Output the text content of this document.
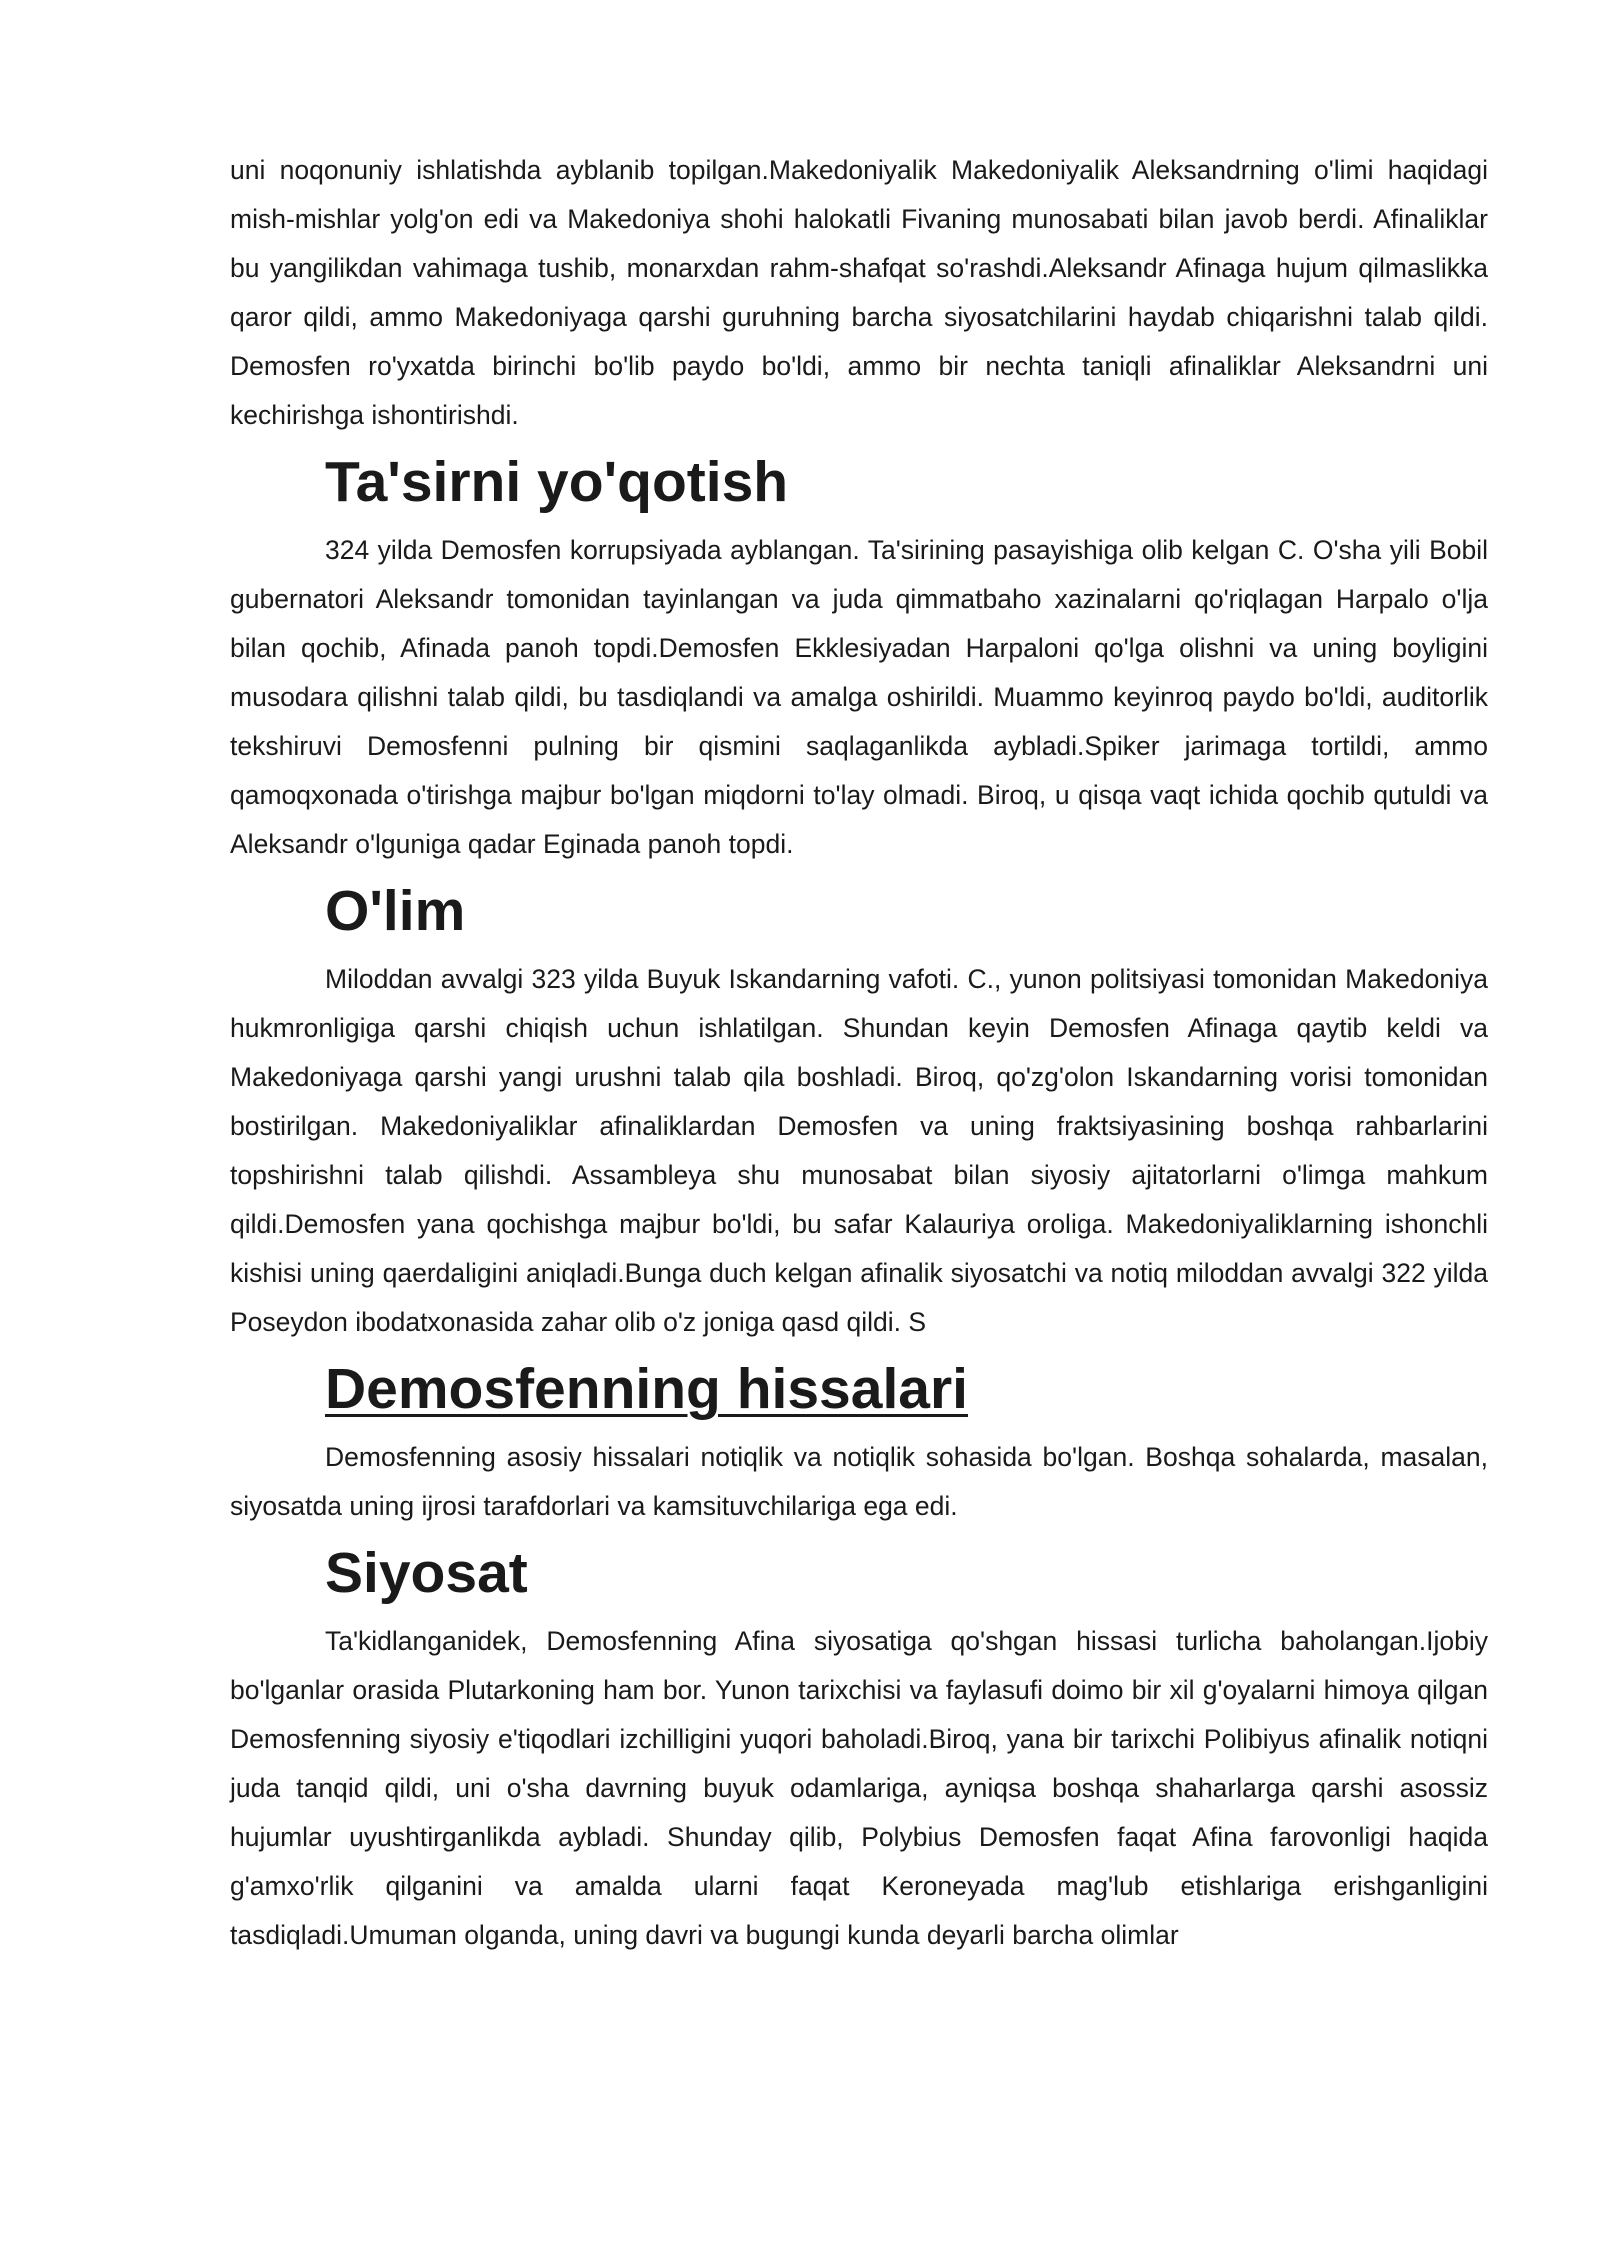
uni noqonuniy ishlatishda ayblanib topilgan.Makedoniyalik Makedoniyalik Aleksandrning o'limi haqidagi mish-mishlar yolg'on edi va Makedoniya shohi halokatli Fivaning munosabati bilan javob berdi. Afinaliklar bu yangilikdan vahimaga tushib, monarxdan rahm-shafqat so'rashdi.Aleksandr Afinaga hujum qilmaslikka qaror qildi, ammo Makedoniyaga qarshi guruhning barcha siyosatchilarini haydab chiqarishni talab qildi. Demosfen ro'yxatda birinchi bo'lib paydo bo'ldi, ammo bir nechta taniqli afinaliklar Aleksandrni uni kechirishga ishontirishdi.

Ta'sirni yo'qotish

324 yilda Demosfen korrupsiyada ayblangan. Ta'sirining pasayishiga olib kelgan C. O'sha yili Bobil gubernatori Aleksandr tomonidan tayinlangan va juda qimmatbaho xazinalarni qo'riqlagan Harpalo o'lja bilan qochib, Afinada panoh topdi.Demosfen Ekklesiyadan Harpaloni qo'lga olishni va uning boyligini musodara qilishni talab qildi, bu tasdiqlandi va amalga oshirildi. Muammo keyinroq paydo bo'ldi, auditorlik tekshiruvi Demosfenni pulning bir qismini saqlaganlikda aybladi.Spiker jarimaga tortildi, ammo qamoqxonada o'tirishga majbur bo'lgan miqdorni to'lay olmadi. Biroq, u qisqa vaqt ichida qochib qutuldi va Aleksandr o'lguniga qadar Eginada panoh topdi.

O'lim

Miloddan avvalgi 323 yilda Buyuk Iskandarning vafoti. C., yunon politsiyasi tomonidan Makedoniya hukmronligiga qarshi chiqish uchun ishlatilgan. Shundan keyin Demosfen Afinaga qaytib keldi va Makedoniyaga qarshi yangi urushni talab qila boshladi. Biroq, qo'zg'olon Iskandarning vorisi tomonidan bostirilgan. Makedoniyaliklar afinaliklardan Demosfen va uning fraktsiyasining boshqa rahbarlarini topshirishni talab qilishdi. Assambleya shu munosabat bilan siyosiy ajitatorlarni o'limga mahkum qildi.Demosfen yana qochishga majbur bo'ldi, bu safar Kalauriya oroliga. Makedoniyaliklarning ishonchli kishisi uning qaerdaligini aniqladi.Bunga duch kelgan afinalik siyosatchi va notiq miloddan avvalgi 322 yilda Poseydon ibodatxonasida zahar olib o'z joniga qasd qildi. S

Demosfenning hissalari

Demosfenning asosiy hissalari notiqlik va notiqlik sohasida bo'lgan. Boshqa sohalarda, masalan, siyosatda uning ijrosi tarafdorlari va kamsituvchilariga ega edi.

Siyosat

Ta'kidlanganidek, Demosfenning Afina siyosatiga qo'shgan hissasi turlicha baholangan.Ijobiy bo'lganlar orasida Plutarkoning ham bor. Yunon tarixchisi va faylasufi doimo bir xil g'oyalarni himoya qilgan Demosfenning siyosiy e'tiqodlari izchilligini yuqori baholadi.Biroq, yana bir tarixchi Polibiyus afinalik notiqni juda tanqid qildi, uni o'sha davrning buyuk odamlariga, ayniqsa boshqa shaharlarga qarshi asossiz hujumlar uyushtirganlikda aybladi. Shunday qilib, Polybius Demosfen faqat Afina farovonligi haqida g'amxo'rlik qilganini va amalda ularni faqat Keroneyada mag'lub etishlariga erishganligini tasdiqladi.Umuman olganda, uning davri va bugungi kunda deyarli barcha olimlar
